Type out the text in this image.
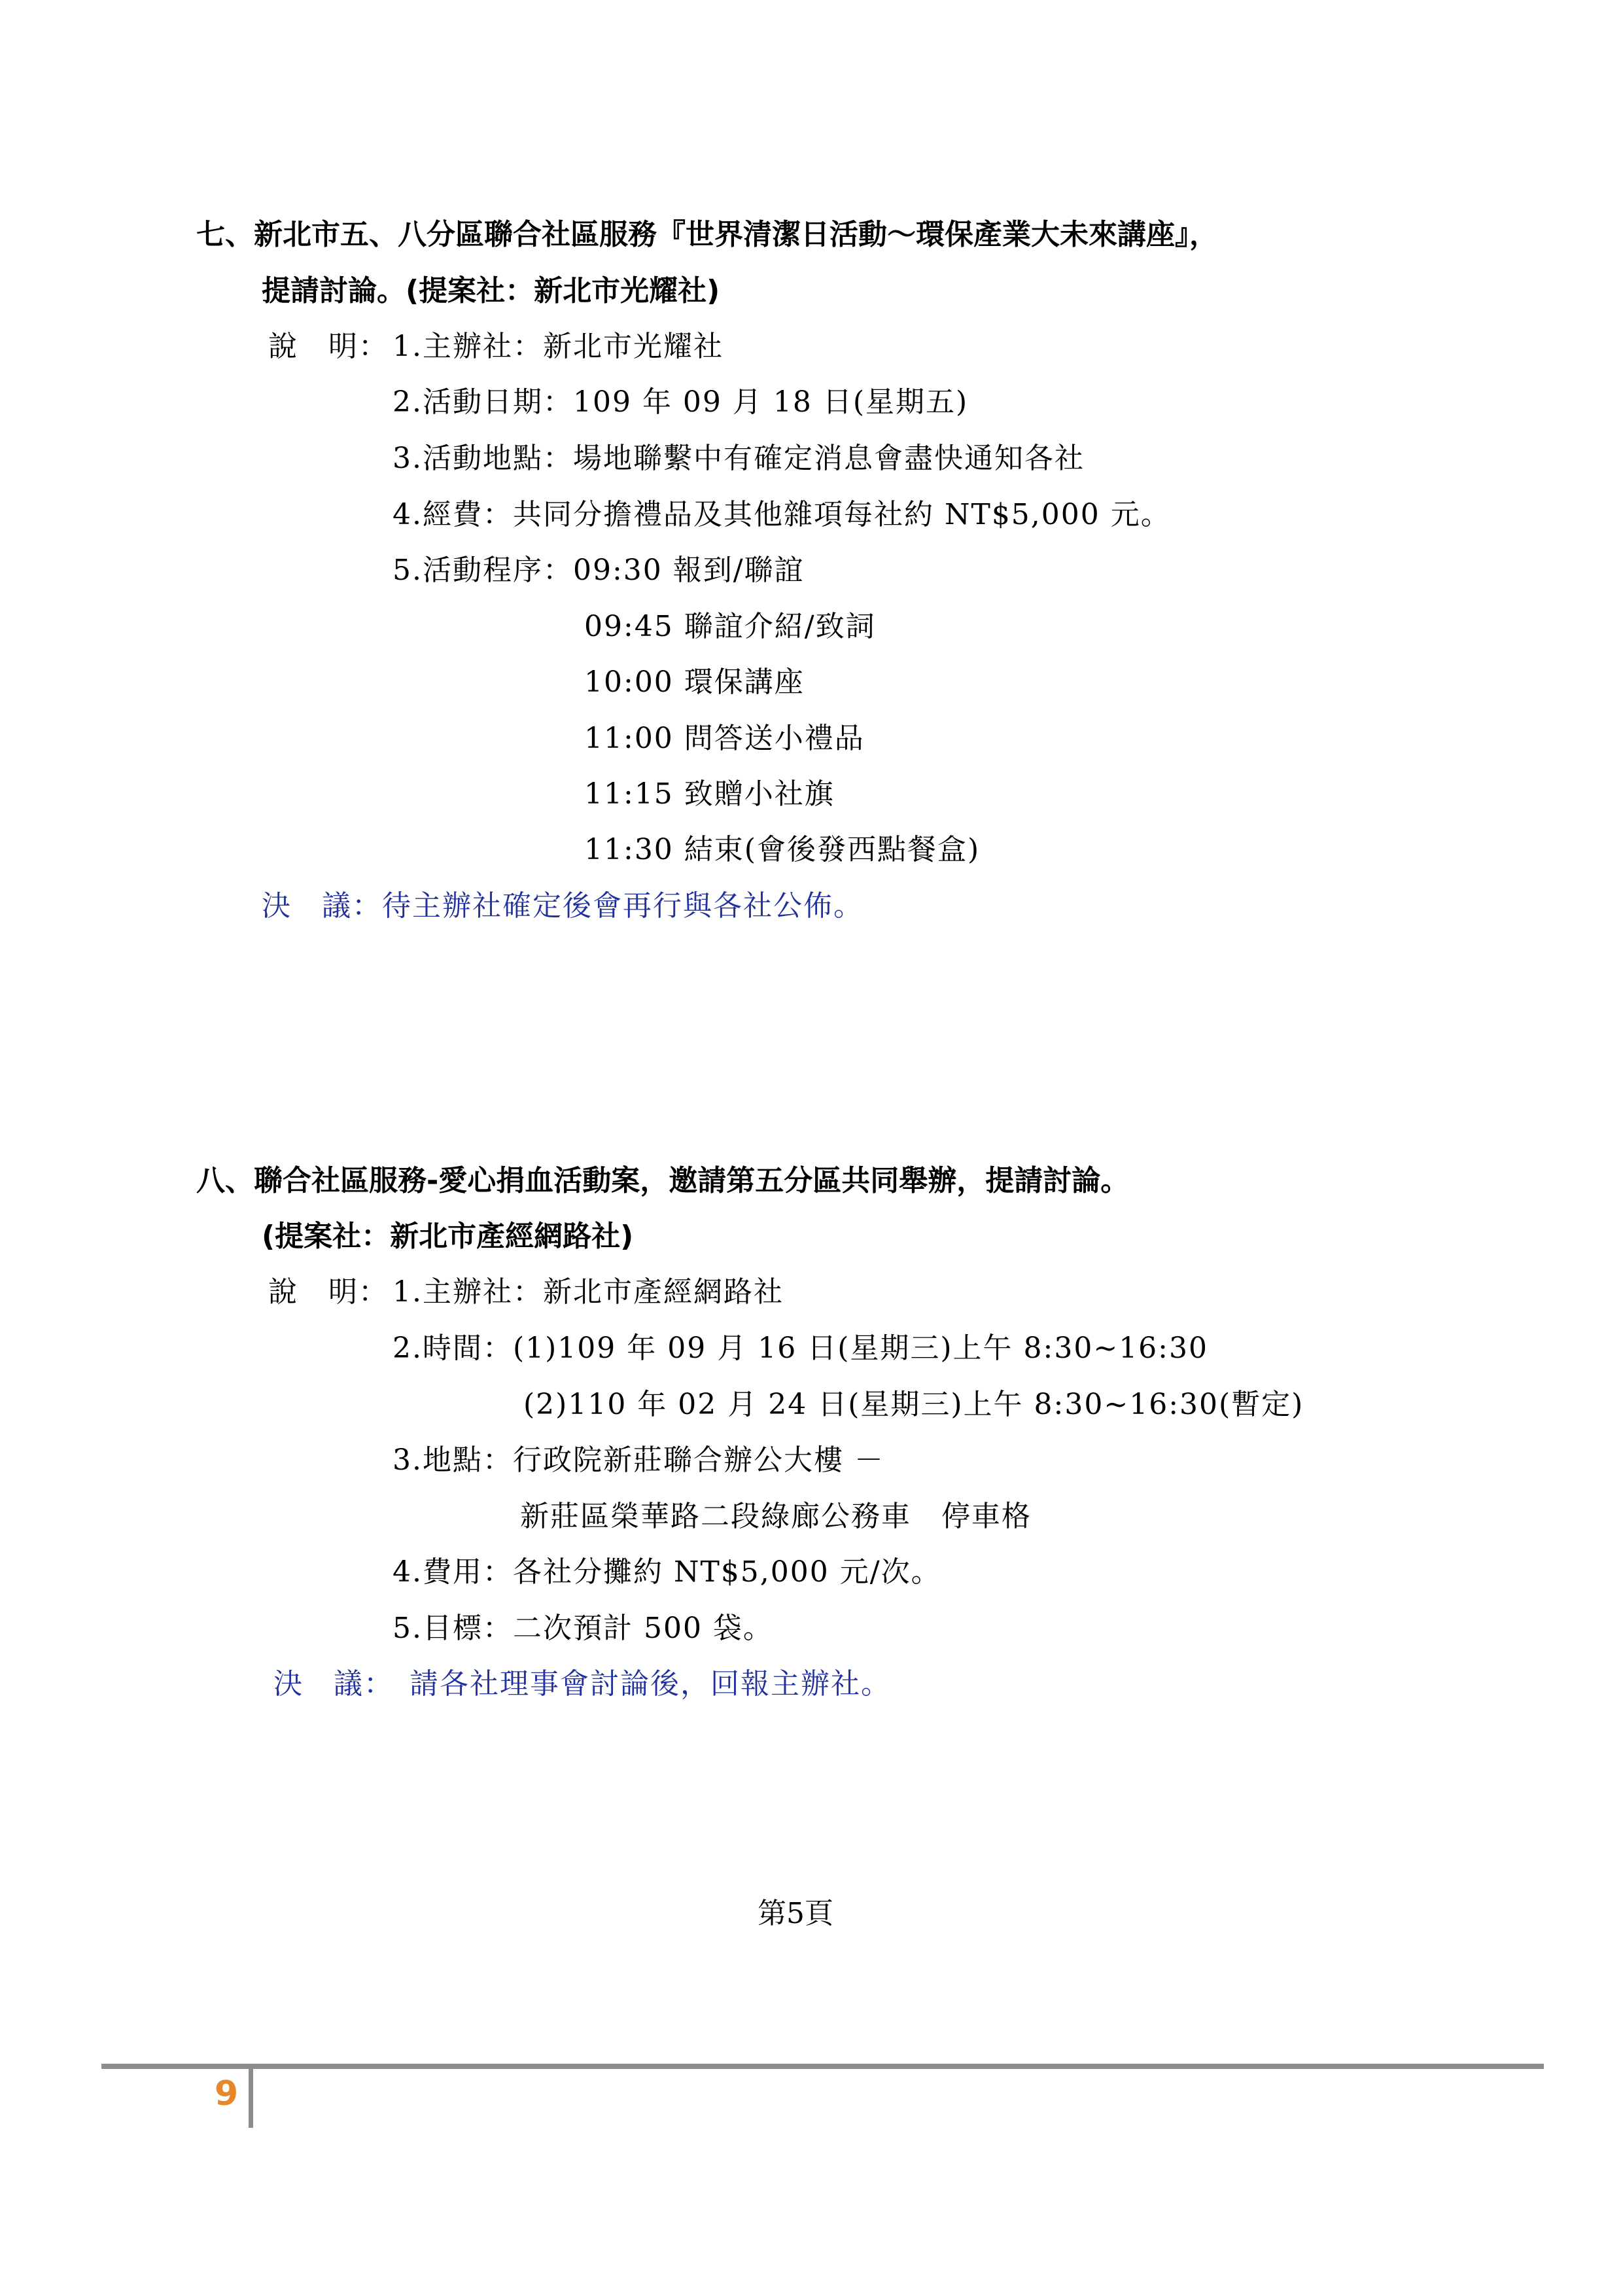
七、新北市五、八分區聯合社區服務『世界清潔日活動～環保產業大未來講座』，
提請討論。(提案社：新北市光耀社)
說　明： 1.主辦社：新北市光耀社
2.活動日期：109 年 09 月 18 日(星期五)
3.活動地點：場地聯繫中有確定消息會盡快通知各社
4.經費：共同分擔禮品及其他雜項每社約 NT$5,000 元。
5.活動程序：09:30 報到/聯誼
09:45 聯誼介紹/致詞
10:00 環保講座
11:00 問答送小禮品
11:15 致贈小社旗
11:30 結束(會後發西點餐盒)
決　議：待主辦社確定後會再行與各社公佈。
八、聯合社區服務-愛心捐血活動案，邀請第五分區共同舉辦，提請討論。
(提案社：新北市產經網路社)
說　明： 1.主辦社：新北市產經網路社
2.時間：(1)109 年 09 月 16 日(星期三)上午 8:30~16:30
(2)110 年 02 月 24 日(星期三)上午 8:30~16:30(暫定)
3.地點：行政院新莊聯合辦公大樓 －
新莊區榮華路二段綠廊公務車　停車格
4.費用：各社分攤約 NT$5,000 元/次。
5.目標：二次預計 500 袋。
決　議：　請各社理事會討論後，回報主辦社。
第5頁
9
